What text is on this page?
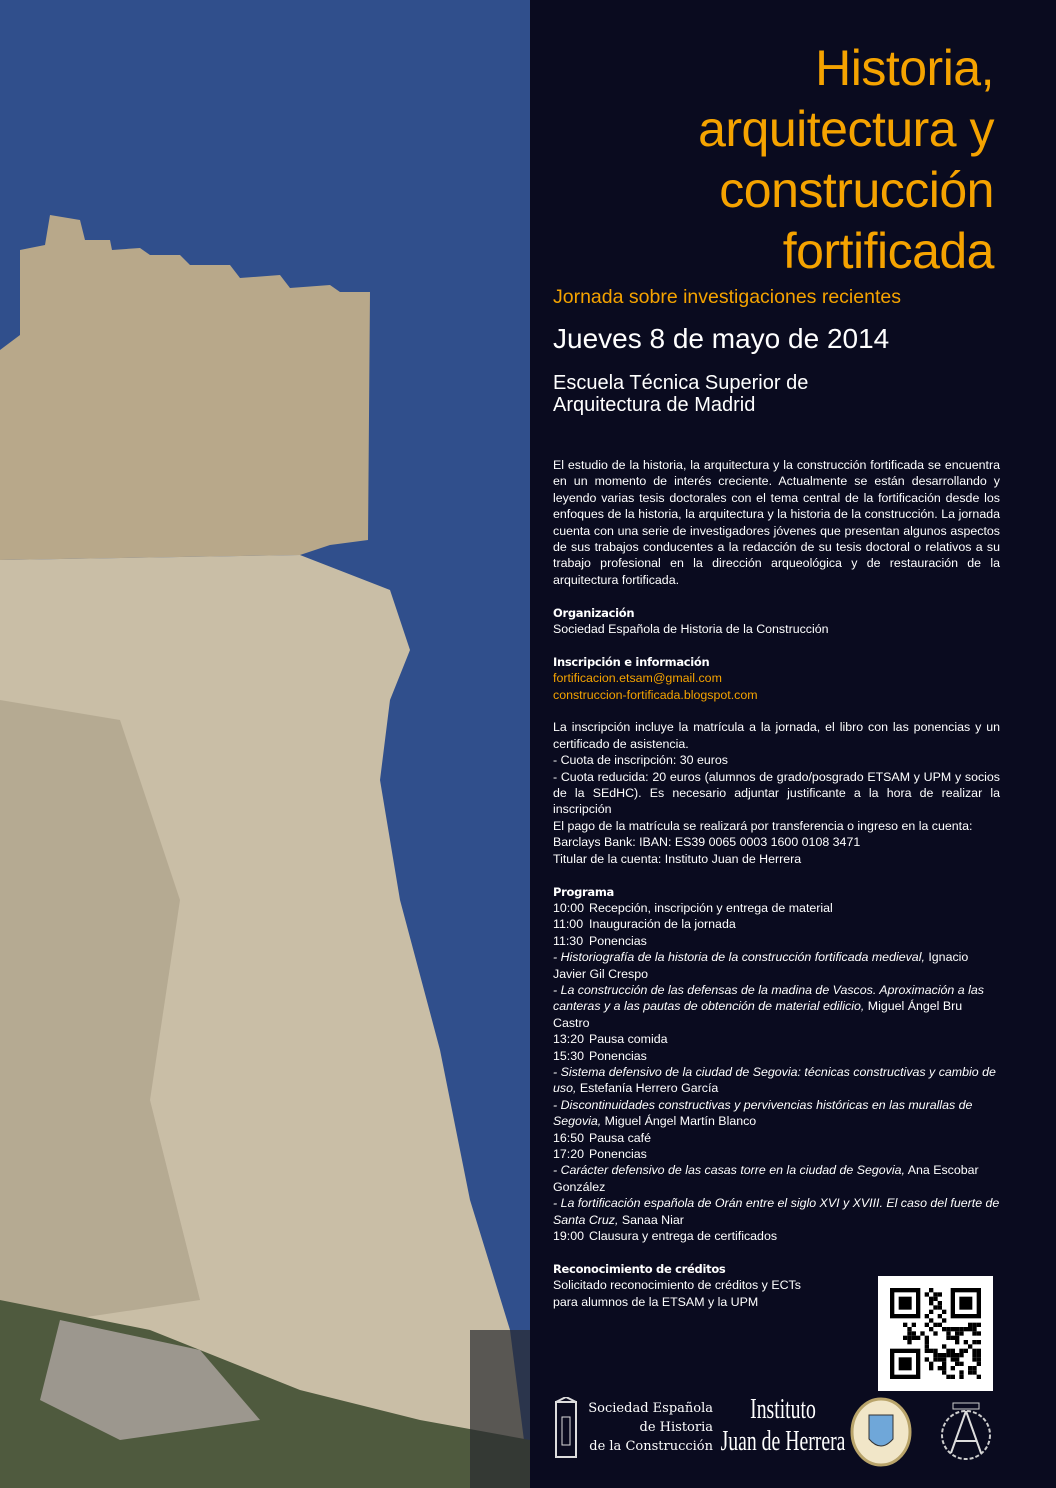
Historia,
arquitectura y
construcción
fortificada
Jornada sobre investigaciones recientes
Jueves 8 de mayo de 2014
Escuela Técnica Superior de
Arquitectura de Madrid
El estudio de la historia, la arquitectura y la construcción fortificada se encuentra en un momento de interés creciente. Actualmente se están desarrollando y leyendo varias tesis doctorales con el tema central de la fortificación desde los enfoques de la historia, la arquitectura y la historia de la construcción. La jornada cuenta con una serie de investigadores jóvenes que presentan algunos aspectos de sus trabajos conducentes a la redacción de su tesis doctoral o relativos a su trabajo profesional en la dirección arqueológica y de restauración de la arquitectura fortificada.
Organización
Sociedad Española de Historia de la Construcción
Inscripción e información
fortificacion.etsam@gmail.com
construccion-fortificada.blogspot.com
La inscripción incluye la matrícula a la jornada, el libro con las ponencias y un certificado de asistencia.
- Cuota de inscripción: 30 euros
- Cuota reducida: 20 euros (alumnos de grado/posgrado ETSAM y UPM y socios de la SEdHC). Es necesario adjuntar justificante a la hora de realizar la inscripción
El pago de la matrícula se realizará por transferencia o ingreso en la cuenta:
Barclays Bank: IBAN: ES39 0065 0003 1600 0108 3471
Titular de la cuenta: Instituto Juan de Herrera
Programa
10:00 Recepción, inscripción y entrega de material
11:00 Inauguración de la jornada
11:30 Ponencias
- Historiografía de la historia de la construcción fortificada medieval, Ignacio Javier Gil Crespo
- La construcción de las defensas de la madina de Vascos. Aproximación a las canteras y a las pautas de obtención de material edilicio, Miguel Ángel Bru Castro
13:20 Pausa comida
15:30 Ponencias
- Sistema defensivo de la ciudad de Segovia: técnicas constructivas y cambio de uso, Estefanía Herrero García
- Discontinuidades constructivas y pervivencias históricas en las murallas de Segovia, Miguel Ángel Martín Blanco
16:50 Pausa café
17:20 Ponencias
- Carácter defensivo de las casas torre en la ciudad de Segovia, Ana Escobar González
- La fortificación española de Orán entre el siglo XVI y XVIII. El caso del fuerte de Santa Cruz, Sanaa Niar
19:00 Clausura y entrega de certificados
Reconocimiento de créditos
Solicitado reconocimiento de créditos y ECTs
para alumnos de la ETSAM y la UPM
Sociedad Española
de Historia
de la Construcción
Instituto
Juan de Herrera
